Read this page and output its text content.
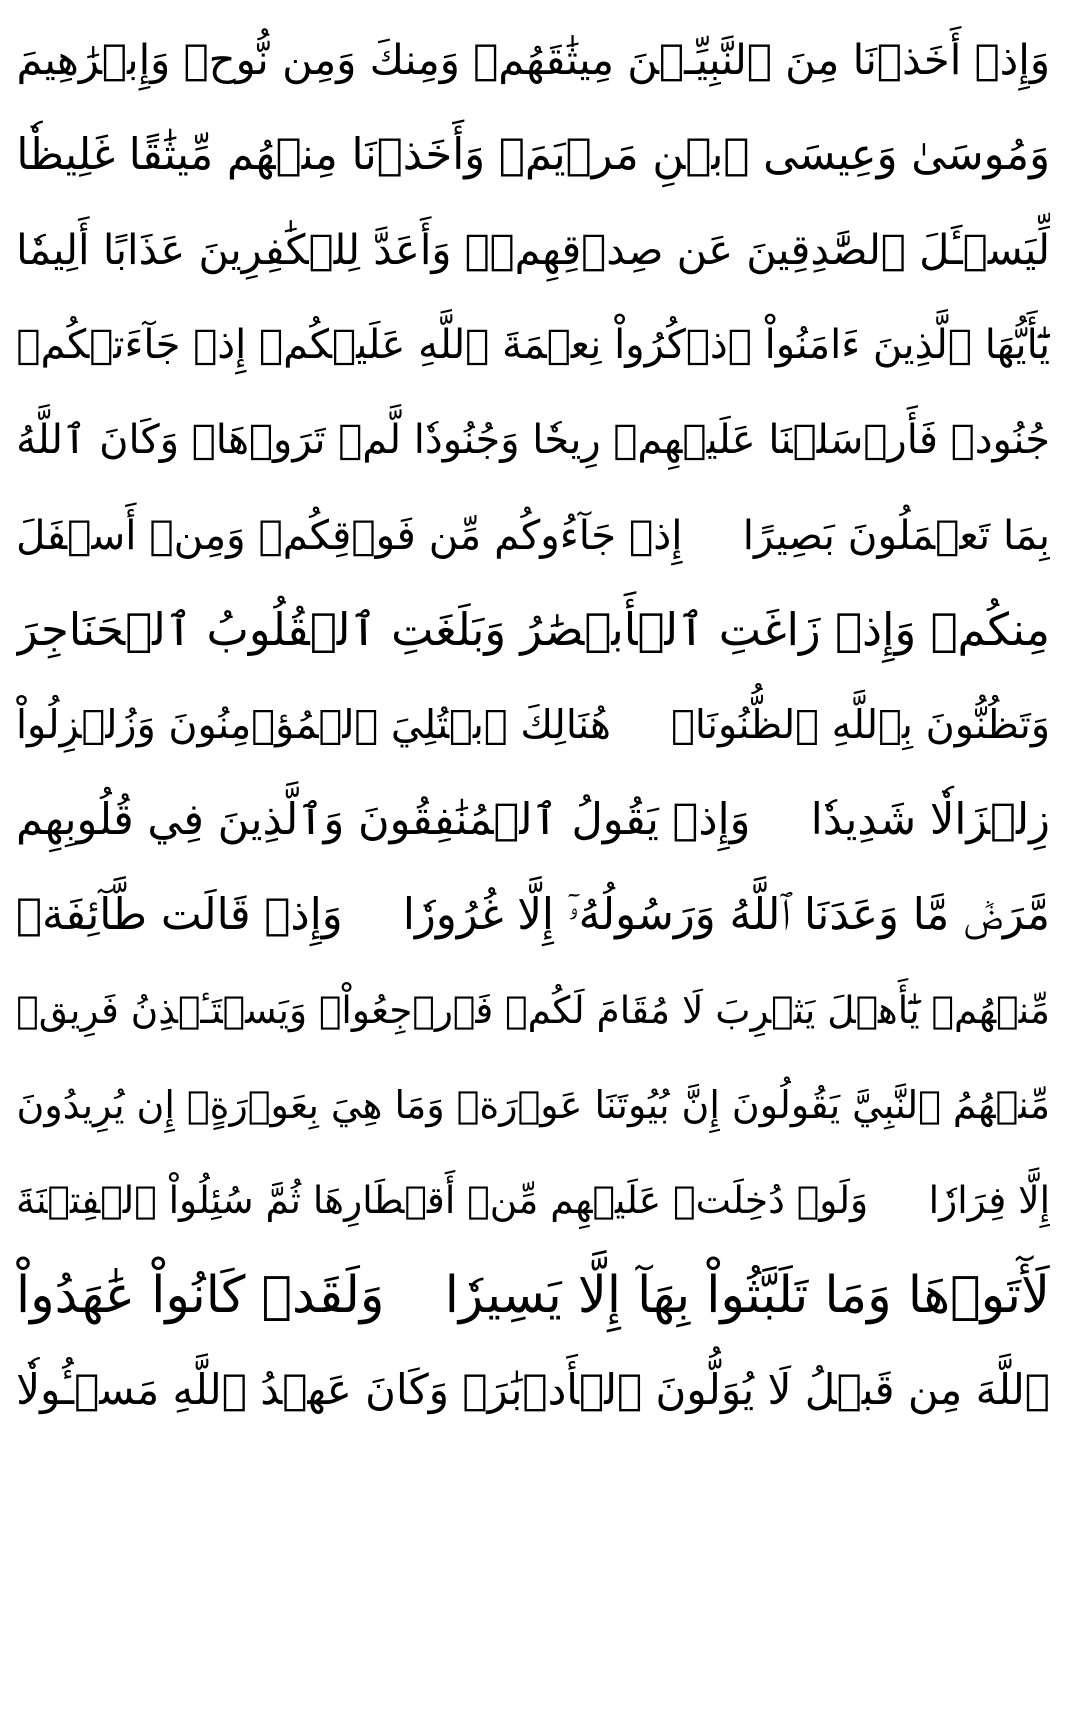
وَإِذۡ أَخَذۡنَا مِنَ ٱلنَّبِيِّـۧنَ مِيثَٰقَهُمۡ وَمِنكَ وَمِن نُّوحٖ وَإِبۡرَٰهِيمَ
وَمُوسَىٰ وَعِيسَى ٱبۡنِ مَرۡيَمَۖ وَأَخَذۡنَا مِنۡهُم مِّيثَٰقًا غَلِيظٗا
لِّيَسۡـَٔلَ ٱلصَّٰدِقِينَ عَن صِدۡقِهِمۡۚ وَأَعَدَّ لِلۡكَٰفِرِينَ عَذَابًا أَلِيمٗا
يَٰٓأَيُّهَا ٱلَّذِينَ ءَامَنُواْ ٱذۡكُرُواْ نِعۡمَةَ ٱللَّهِ عَلَيۡكُمۡ إِذۡ جَآءَتۡكُمۡ
جُنُودٞ فَأَرۡسَلۡنَا عَلَيۡهِمۡ رِيحٗا وَجُنُودٗا لَّمۡ تَرَوۡهَاۚ وَكَانَ ٱللَّهُ
بِمَا تَعۡمَلُونَ بَصِيرًا
إِذۡ جَآءُوكُم مِّن فَوۡقِكُمۡ وَمِنۡ أَسۡفَلَ
مِنكُمۡ وَإِذۡ زَاغَتِ ٱلۡأَبۡصَٰرُ وَبَلَغَتِ ٱلۡقُلُوبُ ٱلۡحَنَاجِرَ
وَتَظُنُّونَ بِٱللَّهِ ٱلظُّنُونَا۠
هُنَالِكَ ٱبۡتُلِيَ ٱلۡمُؤۡمِنُونَ وَزُلۡزِلُواْ
زِلۡزَالٗا شَدِيدٗا
وَإِذۡ يَقُولُ ٱلۡمُنَٰفِقُونَ وَٱلَّذِينَ فِي قُلُوبِهِم
مَّرَضٞ مَّا وَعَدَنَا ٱللَّهُ وَرَسُولُهُۥٓ إِلَّا غُرُورٗا
وَإِذۡ قَالَت طَّآئِفَةٞ
مِّنۡهُمۡ يَٰٓأَهۡلَ يَثۡرِبَ لَا مُقَامَ لَكُمۡ فَٱرۡجِعُواْۚ وَيَسۡتَـٔۡذِنُ فَرِيقٞ
مِّنۡهُمُ ٱلنَّبِيَّ يَقُولُونَ إِنَّ بُيُوتَنَا عَوۡرَةٞ وَمَا هِيَ بِعَوۡرَةٍۖ إِن يُرِيدُونَ
إِلَّا فِرَارٗا
وَلَوۡ دُخِلَتۡ عَلَيۡهِم مِّنۡ أَقۡطَارِهَا ثُمَّ سُئِلُواْ ٱلۡفِتۡنَةَ
لَأٓتَوۡهَا وَمَا تَلَبَّثُواْ بِهَآ إِلَّا يَسِيرٗا
وَلَقَدۡ كَانُواْ عَٰهَدُواْ
ٱللَّهَ مِن قَبۡلُ لَا يُوَلُّونَ ٱلۡأَدۡبَٰرَۚ وَكَانَ عَهۡدُ ٱللَّهِ مَسۡـُٔولٗا
